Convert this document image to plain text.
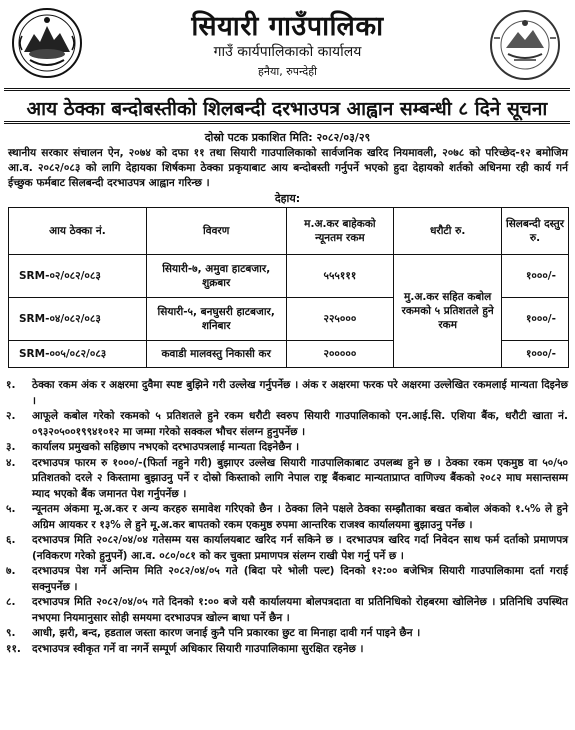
सियारी गाउँपालिका
गाउँ कार्यपालिकाको कार्यालय
हनैया, रुपन्देही
आय ठेक्का बन्दोबस्तीको शिलबन्दी दरभाउपत्र आह्वान सम्बन्धी ८ दिने सूचना
दोस्रो पटक प्रकाशित मिति: २०८२/०३/२९
स्थानीय सरकार संचालन ऐन, २०७४ को दफा ११ तथा सियारी गाउपालिकाको सार्वजनिक खरिद नियमावली, २०७८ को परिच्छेद-१२ बमोजिम आ.व. २०८२/०८३ को लागि देहायका शिर्षकमा ठेक्का प्रकृयाबाट आय बन्दोबस्ती गर्नुपर्ने भएको हुदा देहायको शर्तको अधिनमा रही कार्य गर्न ईच्छुक फर्मबाट सिलबन्दी दरभाउपत्र आह्वान गरिन्छ ।
देहाय:
आय ठेक्का नं.	विवरण	म.अ.कर बाहेकको न्यूनतम रकम	धरौटी रु.	सिलबन्दी दस्तुर रु.
SRM-०२/०८२/०८३	सियारी-७, अमुवा हाटबजार, शुक्रबार	५५५१११	मु.अ.कर सहित कबोल रकमको ५ प्रतिशतले हुने रकम	१०००/-
SRM-०४/०८२/०८३	सियारी-५, बनघुसरी हाटबजार, शनिबार	२२५०००		१०००/-
SRM-००५/०८२/०८३	कवाडी मालवस्तु निकासी कर	२०००००		१०००/-
१.	ठेक्का रकम अंक र अक्षरमा दुवैमा स्पष्ट बुझिने गरी उल्लेख गर्नुपर्नेछ । अंक र अक्षरमा फरक परे अक्षरमा उल्लेखित रकमलाई मान्यता दिइनेछ ।
२.	आफूले कबोल गरेको रकमको ५ प्रतिशतले हुने रकम धरौटी स्वरुप सियारी गाउपालिकाको एन.आई.सि. एशिया बैंक, धरौटी खाता नं. ०९३२०५००१९९४१०१२ मा जम्मा गरेको सक्कल भौचर संलग्न हुनुपर्नेछ ।
३.	कार्यालय प्रमुखको सहिछाप नभएको दरभाउपत्रलाई मान्यता दिइनेछैन ।
४.	दरभाउपत्र फारम रु १०००/-(फिर्ता नहुने गरी) बुझाएर उल्लेख सियारी गाउपालिकाबाट उपलब्ध हुने छ । ठेक्का रकम एकमुष्ठ वा ५०/५० प्रतिशतको दरले २ किस्तामा बुझाउनु पर्ने र दोस्रो किस्ताको लागि नेपाल राष्ट्र बैंकबाट मान्यताप्राप्त वाणिज्य बैंकको २०८२ माघ मसान्तसम्म म्याद भएको बैंक जमानत पेश गर्नुपर्नेछ ।
५.	न्यूनतम अंकमा मू.अ.कर र अन्य करहरु समावेश गरिएको छैन । ठेक्का लिने पक्षले ठेक्का सम्झौताका बखत कबोल अंकको १.५% ले हुने अग्रिम आयकर र १३% ले हुने मू.अ.कर बापतको रकम एकमुष्ठ रुपमा आन्तरिक राजश्व कार्यालयमा बुझाउनु पर्नेछ ।
६.	दरभाउपत्र मिति २०८२/०४/०४ गतेसम्म यस कार्यालयबाट खरिद गर्न सकिने छ । दरभाउपत्र खरिद गर्दा निवेदन साथ फर्म दर्ताको प्रमाणपत्र (नविकरण गरेको हुनुपर्ने) आ.व. ०८०/०८१ को कर चुक्ता प्रमाणपत्र संलग्न राखी पेश गर्नु पर्ने छ ।
७.	दरभाउपत्र पेश गर्ने अन्तिम मिति २०८२/०४/०५ गते (बिदा परे भोली पल्ट) दिनको १२:०० बजेभित्र सियारी गाउपालिकामा दर्ता गराई सक्नुपर्नेछ ।
८.	दरभाउपत्र मिति २०८२/०४/०५ गते दिनको १:०० बजे यसै कार्यालयमा बोलपत्रदाता वा प्रतिनिधिको रोहबरमा खोलिनेछ । प्रतिनिधि उपस्थित नभएमा नियमानुसार सोही समयमा दरभाउपत्र खोल्न बाधा पर्ने छैन ।
९.	आधी, झरी, बन्द, हडताल जस्ता कारण जनाई कुनै पनि प्रकारका छुट वा मिनाहा दावी गर्न पाइने छैन ।
११.	दरभाउपत्र स्वीकृत गर्ने वा नगर्ने सम्पूर्ण अधिकार सियारी गाउपालिकामा सुरक्षित रहनेछ ।
